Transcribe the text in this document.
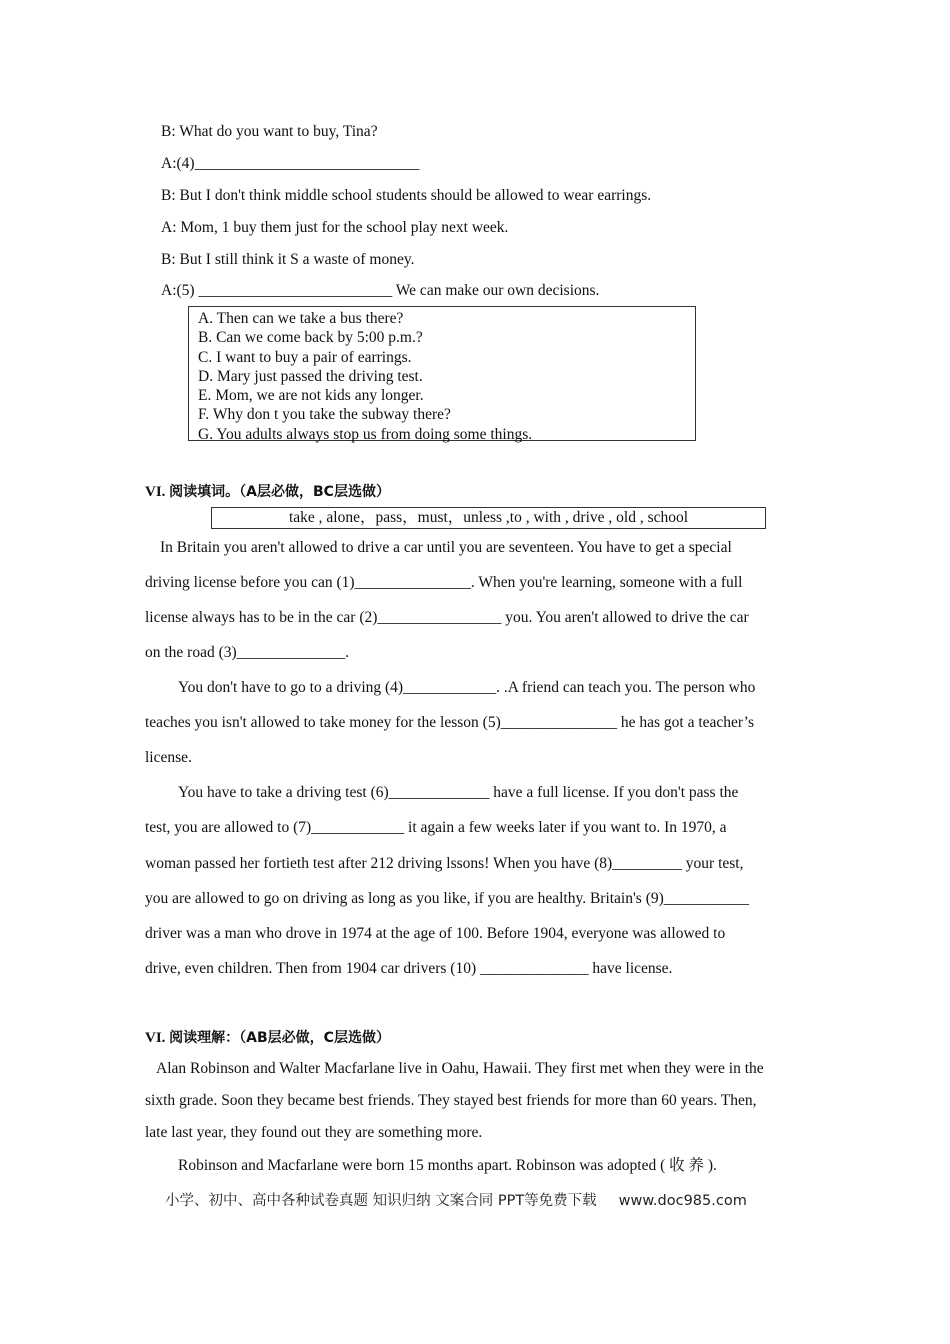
B: What do you want to buy, Tina?
A:(4)_____________________________
B: But I don't think middle school students should be allowed to wear earrings.
A: Mom, 1 buy them just for the school play next week.
B: But I still think it S a waste of money.
A:(5) _________________________ We can make our own decisions.
A. Then can we take a bus there?
B. Can we come back by 5:00 p.m.?
C. I want to buy a pair of earrings.
D. Mary just passed the driving test.
E. Mom, we are not kids any longer.
F. Why don t you take the subway there?
G. You adults always stop us from doing some things.
VI. 阅读填词。（A层必做，BC层选做）
take , alone，pass，must，unless ,to , with , drive , old , school
In Britain you aren't allowed to drive a car until you are seventeen. You have to get a special
driving license before you can (1)_______________. When you're learning, someone with a full
license always has to be in the car (2)________________ you. You aren't allowed to drive the car
on the road (3)______________.
You don't have to go to a driving (4)____________. .A friend can teach you. The person who
teaches you isn't allowed to take money for the lesson (5)_______________ he has got a teacher’s
license.
You have to take a driving test (6)_____________ have a full license. If you don't pass the
test, you are allowed to (7)____________ it again a few weeks later if you want to. In 1970, a
woman passed her fortieth test after 212 driving lssons! When you have (8)_________ your test,
you are allowed to go on driving as long as you like, if you are healthy. Britain's (9)___________
driver was a man who drove in 1974 at the age of 100. Before 1904, everyone was allowed to
drive, even children. Then from 1904 car drivers (10) ______________ have license.
VI. 阅读理解：（AB层必做，C层选做）
Alan Robinson and Walter Macfarlane live in Oahu, Hawaii. They first met when they were in the
sixth grade. Soon they became best friends. They stayed best friends for more than 60 years. Then,
late last year, they found out they are something more.
Robinson and Macfarlane were born 15 months apart. Robinson was adopted ( 收 养 ).
小学、初中、高中各种试卷真题 知识归纳 文案合同 PPT等免费下载 www.doc985.com
